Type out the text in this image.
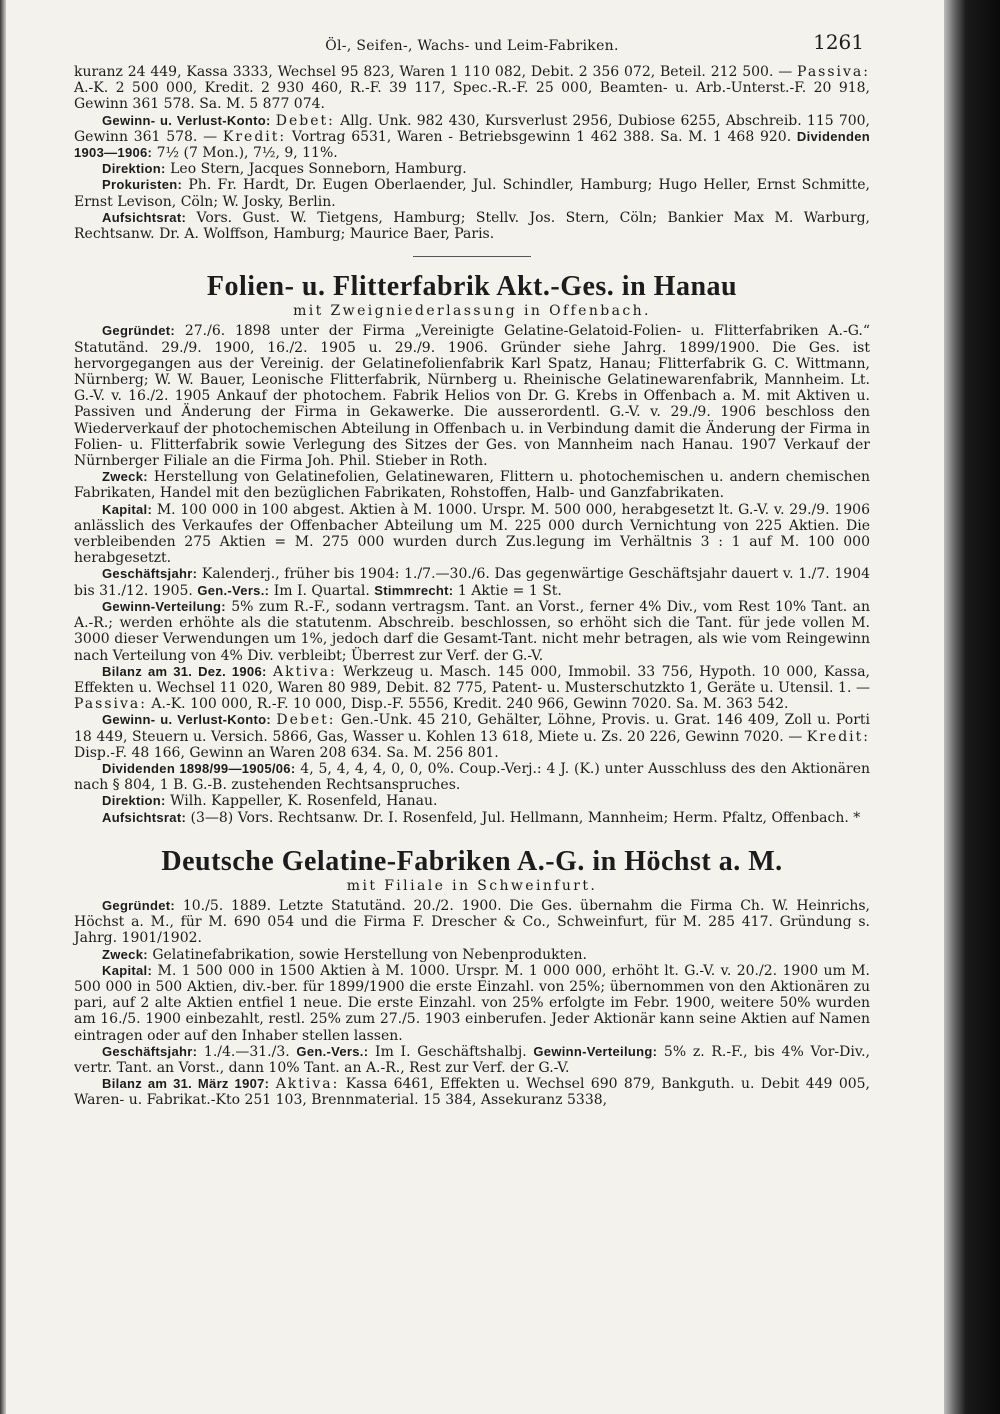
Öl-, Seifen-, Wachs- und Leim-Fabriken.	1261

kuranz 24 449, Kassa 3333, Wechsel 95 823, Waren 1 110 082, Debit. 2 356 072, Beteil. 212 500. — Passiva: A.-K. 2 500 000, Kredit. 2 930 460, R.-F. 39 117, Spec.-R.-F. 25 000, Beamten- u. Arb.-Unterst.-F. 20 918, Gewinn 361 578. Sa. M. 5 877 074.

Gewinn- u. Verlust-Konto: Debet: Allg. Unk. 982 430, Kursverlust 2956, Dubiose 6255, Abschreib. 115 700, Gewinn 361 578. — Kredit: Vortrag 6531, Waren - Betriebsgewinn 1 462 388. Sa. M. 1 468 920. Dividenden 1903—1906: 7½ (7 Mon.), 7½, 9, 11%.

Direktion: Leo Stern, Jacques Sonneborn, Hamburg.

Prokuristen: Ph. Fr. Hardt, Dr. Eugen Oberlaender, Jul. Schindler, Hamburg; Hugo Heller, Ernst Schmitte, Ernst Levison, Cöln; W. Josky, Berlin.

Aufsichtsrat: Vors. Gust. W. Tietgens, Hamburg; Stellv. Jos. Stern, Cöln; Bankier Max M. Warburg, Rechtsanw. Dr. A. Wolffson, Hamburg; Maurice Baer, Paris.

Folien- u. Flitterfabrik Akt.-Ges. in Hanau
mit Zweigniederlassung in Offenbach.

Gegründet: 27./6. 1898 unter der Firma „Vereinigte Gelatine-Gelatoid-Folien- u. Flitterfabriken A.-G.“ Statutänd. 29./9. 1900, 16./2. 1905 u. 29./9. 1906. Gründer siehe Jahrg. 1899/1900. Die Ges. ist hervorgegangen aus der Vereinig. der Gelatinefolienfabrik Karl Spatz, Hanau; Flitterfabrik G. C. Wittmann, Nürnberg; W. W. Bauer, Leonische Flitterfabrik, Nürnberg u. Rheinische Gelatinewarenfabrik, Mannheim. Lt. G.-V. v. 16./2. 1905 Ankauf der photochem. Fabrik Helios von Dr. G. Krebs in Offenbach a. M. mit Aktiven u. Passiven und Änderung der Firma in Gekawerke. Die ausserordentl. G.-V. v. 29./9. 1906 beschloss den Wiederverkauf der photochemischen Abteilung in Offenbach u. in Verbindung damit die Änderung der Firma in Folien- u. Flitterfabrik sowie Verlegung des Sitzes der Ges. von Mannheim nach Hanau. 1907 Verkauf der Nürnberger Filiale an die Firma Joh. Phil. Stieber in Roth.

Zweck: Herstellung von Gelatinefolien, Gelatinewaren, Flittern u. photochemischen u. andern chemischen Fabrikaten, Handel mit den bezüglichen Fabrikaten, Rohstoffen, Halb- und Ganzfabrikaten.

Kapital: M. 100 000 in 100 abgest. Aktien à M. 1000. Urspr. M. 500 000, herabgesetzt lt. G.-V. v. 29./9. 1906 anlässlich des Verkaufes der Offenbacher Abteilung um M. 225 000 durch Vernichtung von 225 Aktien. Die verbleibenden 275 Aktien = M. 275 000 wurden durch Zus.legung im Verhältnis 3 : 1 auf M. 100 000 herabgesetzt.

Geschäftsjahr: Kalenderj., früher bis 1904: 1./7.—30./6. Das gegenwärtige Geschäftsjahr dauert v. 1./7. 1904 bis 31./12. 1905. Gen.-Vers.: Im I. Quartal. Stimmrecht: 1 Aktie = 1 St.

Gewinn-Verteilung: 5% zum R.-F., sodann vertragsm. Tant. an Vorst., ferner 4% Div., vom Rest 10% Tant. an A.-R.; werden erhöhte als die statutenm. Abschreib. beschlossen, so erhöht sich die Tant. für jede vollen M. 3000 dieser Verwendungen um 1%, jedoch darf die Gesamt-Tant. nicht mehr betragen, als wie vom Reingewinn nach Verteilung von 4% Div. verbleibt; Überrest zur Verf. der G.-V.

Bilanz am 31. Dez. 1906: Aktiva: Werkzeug u. Masch. 145 000, Immobil. 33 756, Hypoth. 10 000, Kassa, Effekten u. Wechsel 11 020, Waren 80 989, Debit. 82 775, Patent- u. Musterschutzkto 1, Geräte u. Utensil. 1. — Passiva: A.-K. 100 000, R.-F. 10 000, Disp.-F. 5556, Kredit. 240 966, Gewinn 7020. Sa. M. 363 542.

Gewinn- u. Verlust-Konto: Debet: Gen.-Unk. 45 210, Gehälter, Löhne, Provis. u. Grat. 146 409, Zoll u. Porti 18 449, Steuern u. Versich. 5866, Gas, Wasser u. Kohlen 13 618, Miete u. Zs. 20 226, Gewinn 7020. — Kredit: Disp.-F. 48 166, Gewinn an Waren 208 634. Sa. M. 256 801.

Dividenden 1898/99—1905/06: 4, 5, 4, 4, 4, 0, 0, 0%. Coup.-Verj.: 4 J. (K.) unter Ausschluss des den Aktionären nach § 804, 1 B. G.-B. zustehenden Rechtsanspruches.

Direktion: Wilh. Kappeller, K. Rosenfeld, Hanau.

Aufsichtsrat: (3—8) Vors. Rechtsanw. Dr. I. Rosenfeld, Jul. Hellmann, Mannheim; Herm. Pfaltz, Offenbach. *

Deutsche Gelatine-Fabriken A.-G. in Höchst a. M.
mit Filiale in Schweinfurt.

Gegründet: 10./5. 1889. Letzte Statutänd. 20./2. 1900. Die Ges. übernahm die Firma Ch. W. Heinrichs, Höchst a. M., für M. 690 054 und die Firma F. Drescher & Co., Schweinfurt, für M. 285 417. Gründung s. Jahrg. 1901/1902.

Zweck: Gelatinefabrikation, sowie Herstellung von Nebenprodukten.

Kapital: M. 1 500 000 in 1500 Aktien à M. 1000. Urspr. M. 1 000 000, erhöht lt. G.-V. v. 20./2. 1900 um M. 500 000 in 500 Aktien, div.-ber. für 1899/1900 die erste Einzahl. von 25%; übernommen von den Aktionären zu pari, auf 2 alte Aktien entfiel 1 neue. Die erste Einzahl. von 25% erfolgte im Febr. 1900, weitere 50% wurden am 16./5. 1900 einbezahlt, restl. 25% zum 27./5. 1903 einberufen. Jeder Aktionär kann seine Aktien auf Namen eintragen oder auf den Inhaber stellen lassen.

Geschäftsjahr: 1./4.—31./3. Gen.-Vers.: Im I. Geschäftshalbj. Gewinn-Verteilung: 5% z. R.-F., bis 4% Vor-Div., vertr. Tant. an Vorst., dann 10% Tant. an A.-R., Rest zur Verf. der G.-V.

Bilanz am 31. März 1907: Aktiva: Kassa 6461, Effekten u. Wechsel 690 879, Bankguth. u. Debit 449 005, Waren- u. Fabrikat.-Kto 251 103, Brennmaterial. 15 384, Assekuranz 5338,
